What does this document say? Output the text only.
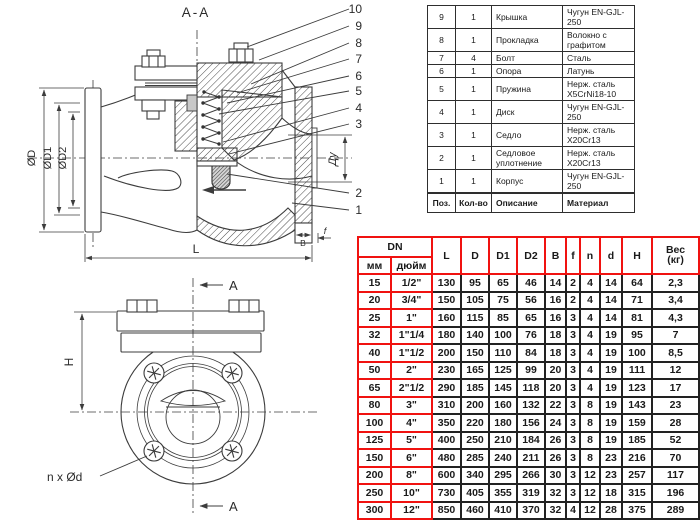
A-A
ØD ØD1 ØD2	Ду
L	B
f
10
9
8
7
6
5
4
3
2
1
H
A
A
n x Ød
9	1	Крышка	Чугун EN-GJL-250
8	1	Прокладка	Волокно с графитом
7	4	Болт	Сталь
6	1	Опора	Латунь
5	1	Пружина	Нерж. сталь X5CrNi18-10
4	1	Диск	Чугун EN-GJL-250
3	1	Седло	Нерж. сталь X20Cr13
2	1	Седловое уплотнение	Нерж. сталь X20Cr13
1	1	Корпус	Чугун EN-GJL-250
Поз.	Кол-во	Описание	Материал
DN		L	D	D1	D2	B	f	n	d	H	Вес
(кг)
мм	дюйм										
15	1/2"	130	95	65	46	14	2	4	14	64	2,3
20	3/4"	150	105	75	56	16	2	4	14	71	3,4
25	1"	160	115	85	65	16	3	4	14	81	4,3
32	1"1/4	180	140	100	76	18	3	4	19	95	7
40	1"1/2	200	150	110	84	18	3	4	19	100	8,5
50	2"	230	165	125	99	20	3	4	19	111	12
65	2"1/2	290	185	145	118	20	3	4	19	123	17
80	3"	310	200	160	132	22	3	8	19	143	23
100	4"	350	220	180	156	24	3	8	19	159	28
125	5"	400	250	210	184	26	3	8	19	185	52
150	6"	480	285	240	211	26	3	8	23	216	70
200	8"	600	340	295	266	30	3	12	23	257	117
250	10"	730	405	355	319	32	3	12	18	315	196
300	12"	850	460	410	370	32	4	12	28	375	289
